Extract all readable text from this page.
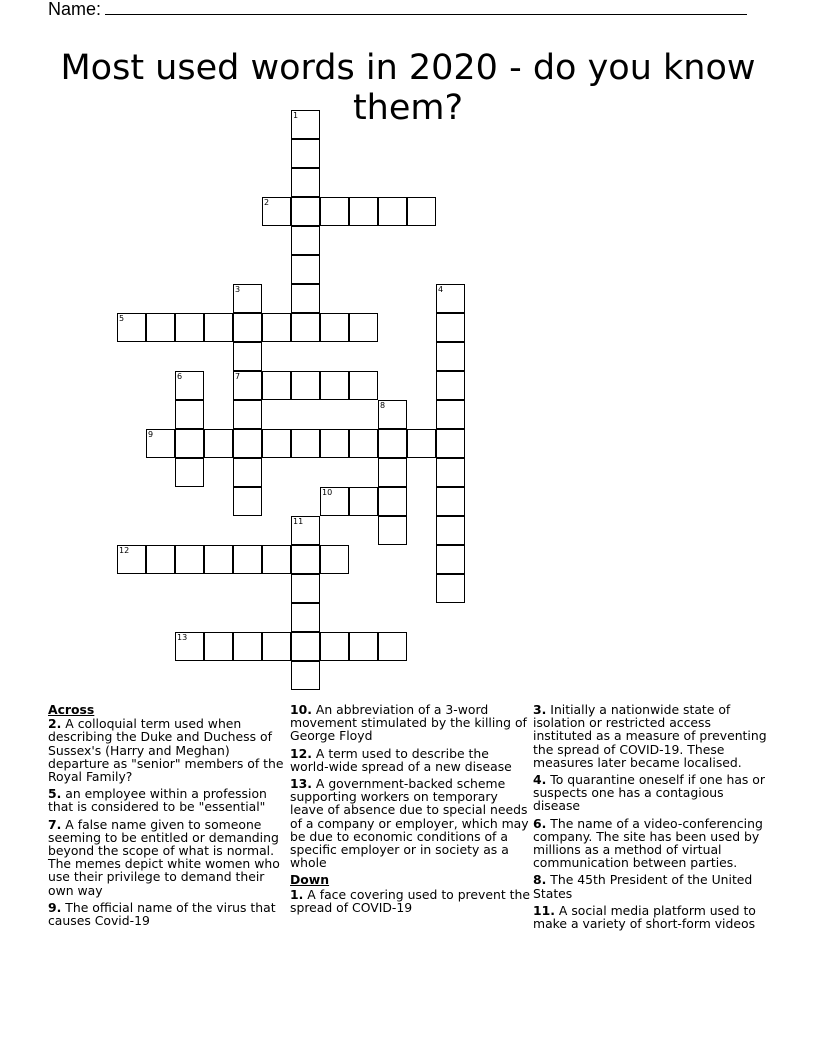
Name:
Most used words in 2020 - do you know them?
1
2
3
7
4
5
6
8
9
10
11
12
13
Across
2. A colloquial term used when describing the Duke and Duchess of Sussex's (Harry and Meghan) departure as "senior" members of the Royal Family?
5. an employee within a profession that is considered to be "essential"
7. A false name given to someone seeming to be entitled or demanding beyond the scope of what is normal. The memes depict white women who use their privilege to demand their own way
9. The official name of the virus that causes Covid-19
10. An abbreviation of a 3-word movement stimulated by the killing of George Floyd
12. A term used to describe the world-wide spread of a new disease
13. A government-backed scheme supporting workers on temporary leave of absence due to special needs of a company or employer, which may be due to economic conditions of a specific employer or in society as a whole
Down
1. A face covering used to prevent the spread of COVID-19
3. Initially a nationwide state of isolation or restricted access instituted as a measure of preventing the spread of COVID-19. These measures later became localised.
4. To quarantine oneself if one has or suspects one has a contagious disease
6. The name of a video-conferencing company. The site has been used by millions as a method of virtual communication between parties.
8. The 45th President of the United States
11. A social media platform used to make a variety of short-form videos
